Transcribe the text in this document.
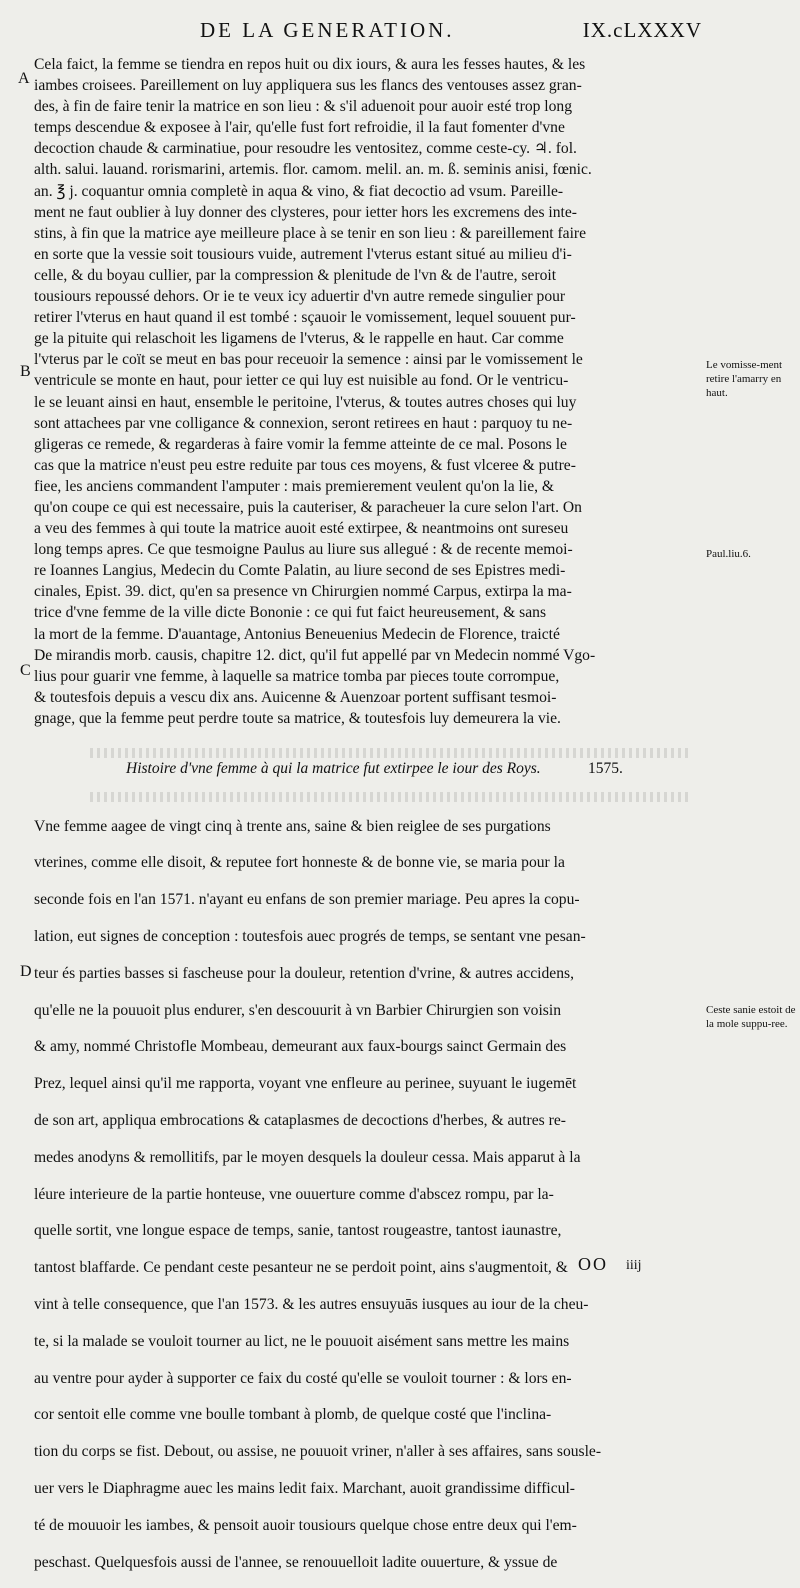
DE LA GENERATION.	IX.cLXXXV
A
B
C
D

Cela faict, la femme se tiendra en repos huit ou dix iours, & aura les fesses hautes, & les

iambes croisees. Pareillement on luy appliquera sus les flancs des ventouses assez gran-

des, à fin de faire tenir la matrice en son lieu : & s'il aduenoit pour auoir esté trop long

temps descendue & exposee à l'air, qu'elle fust fort refroidie, il la faut fomenter d'vne

decoction chaude & carminatiue, pour resoudre les ventositez, comme ceste-cy. ♃. fol.

alth. salui. lauand. rorismarini, artemis. flor. camom. melil. an. m. ß. seminis anisi, fœnic.

an. ℥ j. coquantur omnia completè in aqua & vino, & fiat decoctio ad vsum. Pareille-

ment ne faut oublier à luy donner des clysteres, pour ietter hors les excremens des inte-

stins, à fin que la matrice aye meilleure place à se tenir en son lieu : & pareillement faire

en sorte que la vessie soit tousiours vuide, autrement l'vterus estant situé au milieu d'i-

celle, & du boyau cullier, par la compression & plenitude de l'vn & de l'autre, seroit

tousiours repoussé dehors. Or ie te veux icy aduertir d'vn autre remede singulier pour

retirer l'vterus en haut quand il est tombé : sçauoir le vomissement, lequel souuent pur-

ge la pituite qui relaschoit les ligamens de l'vterus, & le rappelle en haut. Car comme

l'vterus par le coït se meut en bas pour receuoir la semence : ainsi par le vomissement le

ventricule se monte en haut, pour ietter ce qui luy est nuisible au fond. Or le ventricu-

le se leuant ainsi en haut, ensemble le peritoine, l'vterus, & toutes autres choses qui luy

sont attachees par vne colligance & connexion, seront retirees en haut : parquoy tu ne-

gligeras ce remede, & regarderas à faire vomir la femme atteinte de ce mal. Posons le

cas que la matrice n'eust peu estre reduite par tous ces moyens, & fust vlceree & putre-

fiee, les anciens commandent l'amputer : mais premierement veulent qu'on la lie, &

qu'on coupe ce qui est necessaire, puis la cauteriser, & paracheuer la cure selon l'art. On

a veu des femmes à qui toute la matrice auoit esté extirpee, & neantmoins ont sureseu

long temps apres. Ce que tesmoigne Paulus au liure sus allegué : & de recente memoi-

re Ioannes Langius, Medecin du Comte Palatin, au liure second de ses Epistres medi-

cinales, Epist. 39. dict, qu'en sa presence vn Chirurgien nommé Carpus, extirpa la ma-

trice d'vne femme de la ville dicte Bononie : ce qui fut faict heureusement, & sans

la mort de la femme. D'auantage, Antonius Beneuenius Medecin de Florence, traicté

De mirandis morb. causis, chapitre 12. dict, qu'il fut appellé par vn Medecin nommé Vgo-

lius pour guarir vne femme, à laquelle sa matrice tomba par pieces toute corrompue,

& toutesfois depuis a vescu dix ans. Auicenne & Auenzoar portent suffisant tesmoi-

gnage, que la femme peut perdre toute sa matrice, & toutesfois luy demeurera la vie.

Histoire d'vne femme à qui la matrice fut extirpee le iour des Roys.	1575.

Vne femme aagee de vingt cinq à trente ans, saine & bien reiglee de ses purgations

vterines, comme elle disoit, & reputee fort honneste & de bonne vie, se maria pour la

seconde fois en l'an 1571. n'ayant eu enfans de son premier mariage. Peu apres la copu-

lation, eut signes de conception : toutesfois auec progrés de temps, se sentant vne pesan-

teur és parties basses si fascheuse pour la douleur, retention d'vrine, & autres accidens,

qu'elle ne la pouuoit plus endurer, s'en descouurit à vn Barbier Chirurgien son voisin

& amy, nommé Christofle Mombeau, demeurant aux faux-bourgs sainct Germain des

Prez, lequel ainsi qu'il me rapporta, voyant vne enfleure au perinee, suyuant le iugemēt

de son art, appliqua embrocations & cataplasmes de decoctions d'herbes, & autres re-

medes anodyns & remollitifs, par le moyen desquels la douleur cessa. Mais apparut à la

léure interieure de la partie honteuse, vne ouuerture comme d'abscez rompu, par la-

quelle sortit, vne longue espace de temps, sanie, tantost rougeastre, tantost iaunastre,

tantost blaffarde. Ce pendant ceste pesanteur ne se perdoit point, ains s'augmentoit, &

vint à telle consequence, que l'an 1573. & les autres ensuyuās iusques au iour de la cheu-

te, si la malade se vouloit tourner au lict, ne le pouuoit aisément sans mettre les mains

au ventre pour ayder à supporter ce faix du costé qu'elle se vouloit tourner : & lors en-

cor sentoit elle comme vne boulle tombant à plomb, de quelque costé que l'inclina-

tion du corps se fist. Debout, ou assise, ne pouuoit vriner, n'aller à ses affaires, sans sousle-

uer vers le Diaphragme auec les mains ledit faix. Marchant, auoit grandissime difficul-

té de mouuoir les iambes, & pensoit auoir tousiours quelque chose entre deux qui l'em-

peschast. Quelquesfois aussi de l'annee, se renouuelloit ladite ouuerture, & yssue de

Le vomisse-ment retire l'amarry en haut.
Paul.liu.6.
Ceste sanie estoit de la mole suppu-ree.
OO iiij
